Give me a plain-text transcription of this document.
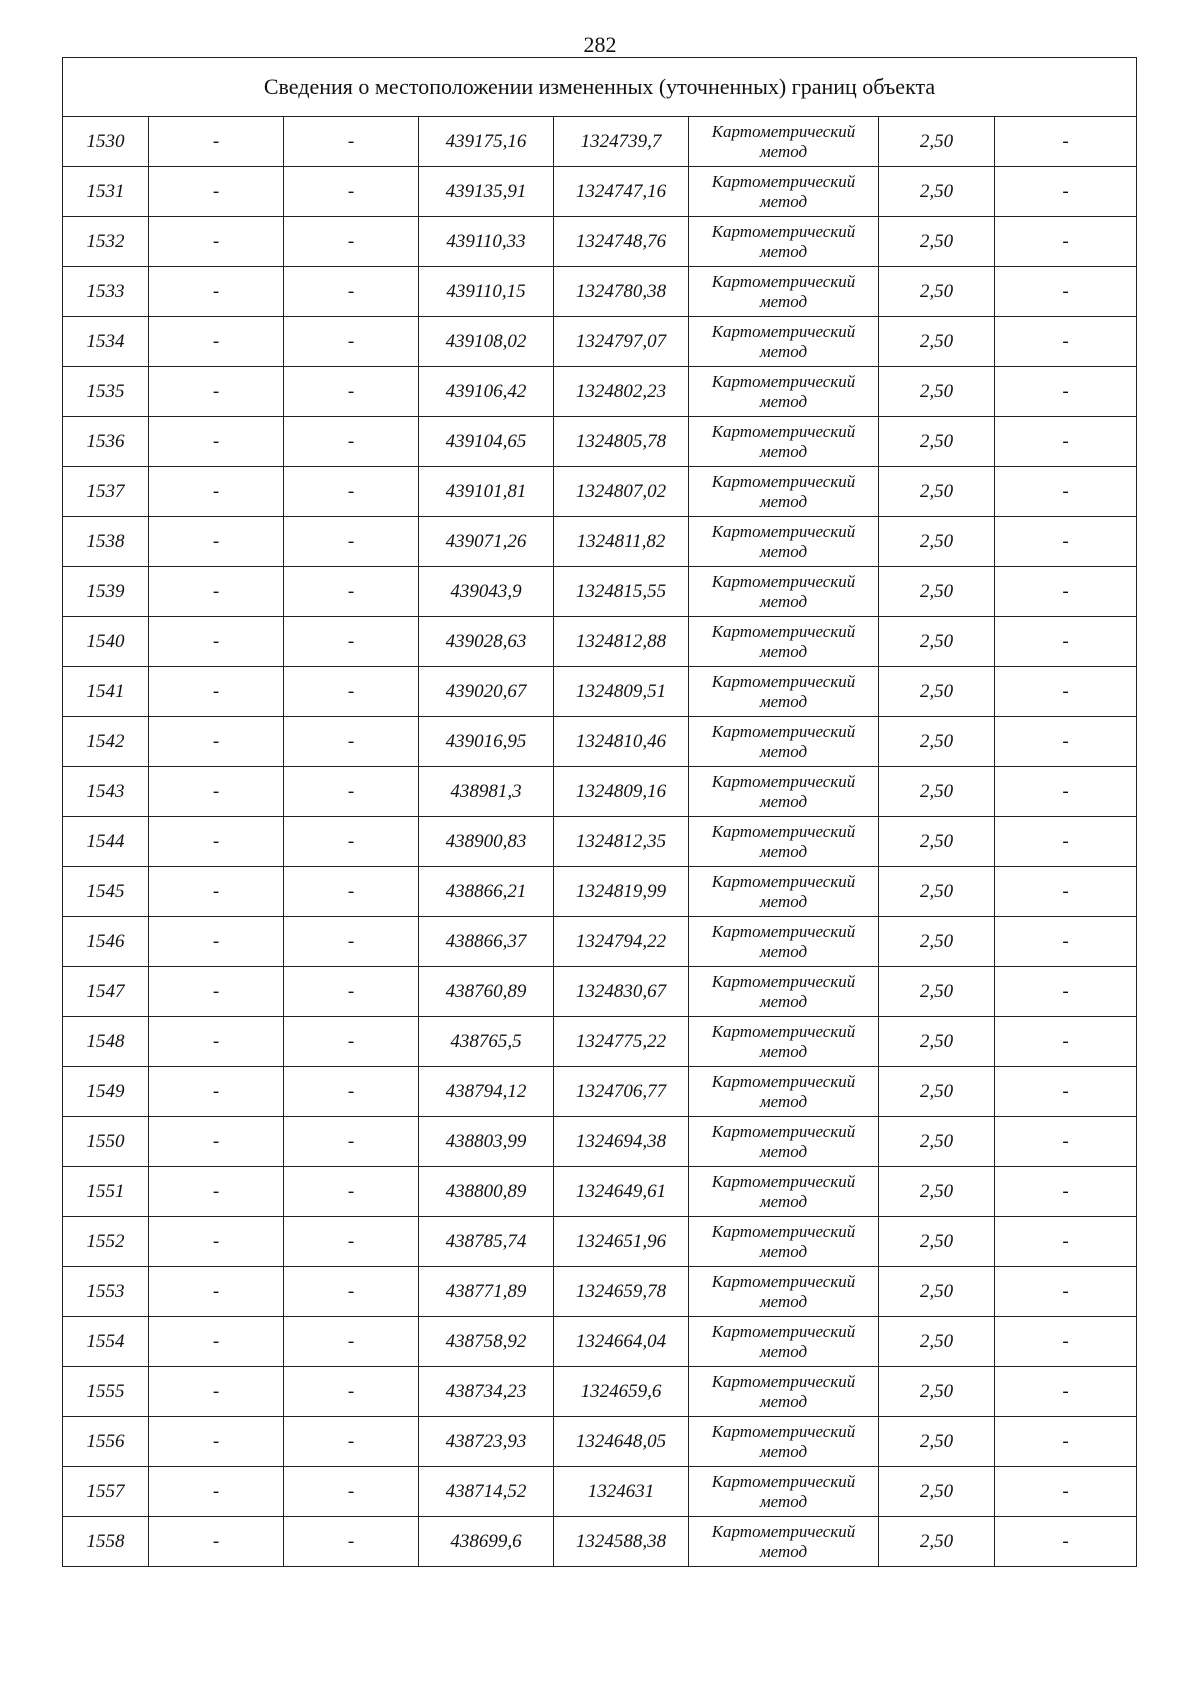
282
Сведения о местоположении измененных (уточненных) границ объекта							
1530	-	-	439175,16	1324739,7	Картометрический
метод	2,50	-
1531	-	-	439135,91	1324747,16	Картометрический
метод	2,50	-
1532	-	-	439110,33	1324748,76	Картометрический
метод	2,50	-
1533	-	-	439110,15	1324780,38	Картометрический
метод	2,50	-
1534	-	-	439108,02	1324797,07	Картометрический
метод	2,50	-
1535	-	-	439106,42	1324802,23	Картометрический
метод	2,50	-
1536	-	-	439104,65	1324805,78	Картометрический
метод	2,50	-
1537	-	-	439101,81	1324807,02	Картометрический
метод	2,50	-
1538	-	-	439071,26	1324811,82	Картометрический
метод	2,50	-
1539	-	-	439043,9	1324815,55	Картометрический
метод	2,50	-
1540	-	-	439028,63	1324812,88	Картометрический
метод	2,50	-
1541	-	-	439020,67	1324809,51	Картометрический
метод	2,50	-
1542	-	-	439016,95	1324810,46	Картометрический
метод	2,50	-
1543	-	-	438981,3	1324809,16	Картометрический
метод	2,50	-
1544	-	-	438900,83	1324812,35	Картометрический
метод	2,50	-
1545	-	-	438866,21	1324819,99	Картометрический
метод	2,50	-
1546	-	-	438866,37	1324794,22	Картометрический
метод	2,50	-
1547	-	-	438760,89	1324830,67	Картометрический
метод	2,50	-
1548	-	-	438765,5	1324775,22	Картометрический
метод	2,50	-
1549	-	-	438794,12	1324706,77	Картометрический
метод	2,50	-
1550	-	-	438803,99	1324694,38	Картометрический
метод	2,50	-
1551	-	-	438800,89	1324649,61	Картометрический
метод	2,50	-
1552	-	-	438785,74	1324651,96	Картометрический
метод	2,50	-
1553	-	-	438771,89	1324659,78	Картометрический
метод	2,50	-
1554	-	-	438758,92	1324664,04	Картометрический
метод	2,50	-
1555	-	-	438734,23	1324659,6	Картометрический
метод	2,50	-
1556	-	-	438723,93	1324648,05	Картометрический
метод	2,50	-
1557	-	-	438714,52	1324631	Картометрический
метод	2,50	-
1558	-	-	438699,6	1324588,38	Картометрический
метод	2,50	-
